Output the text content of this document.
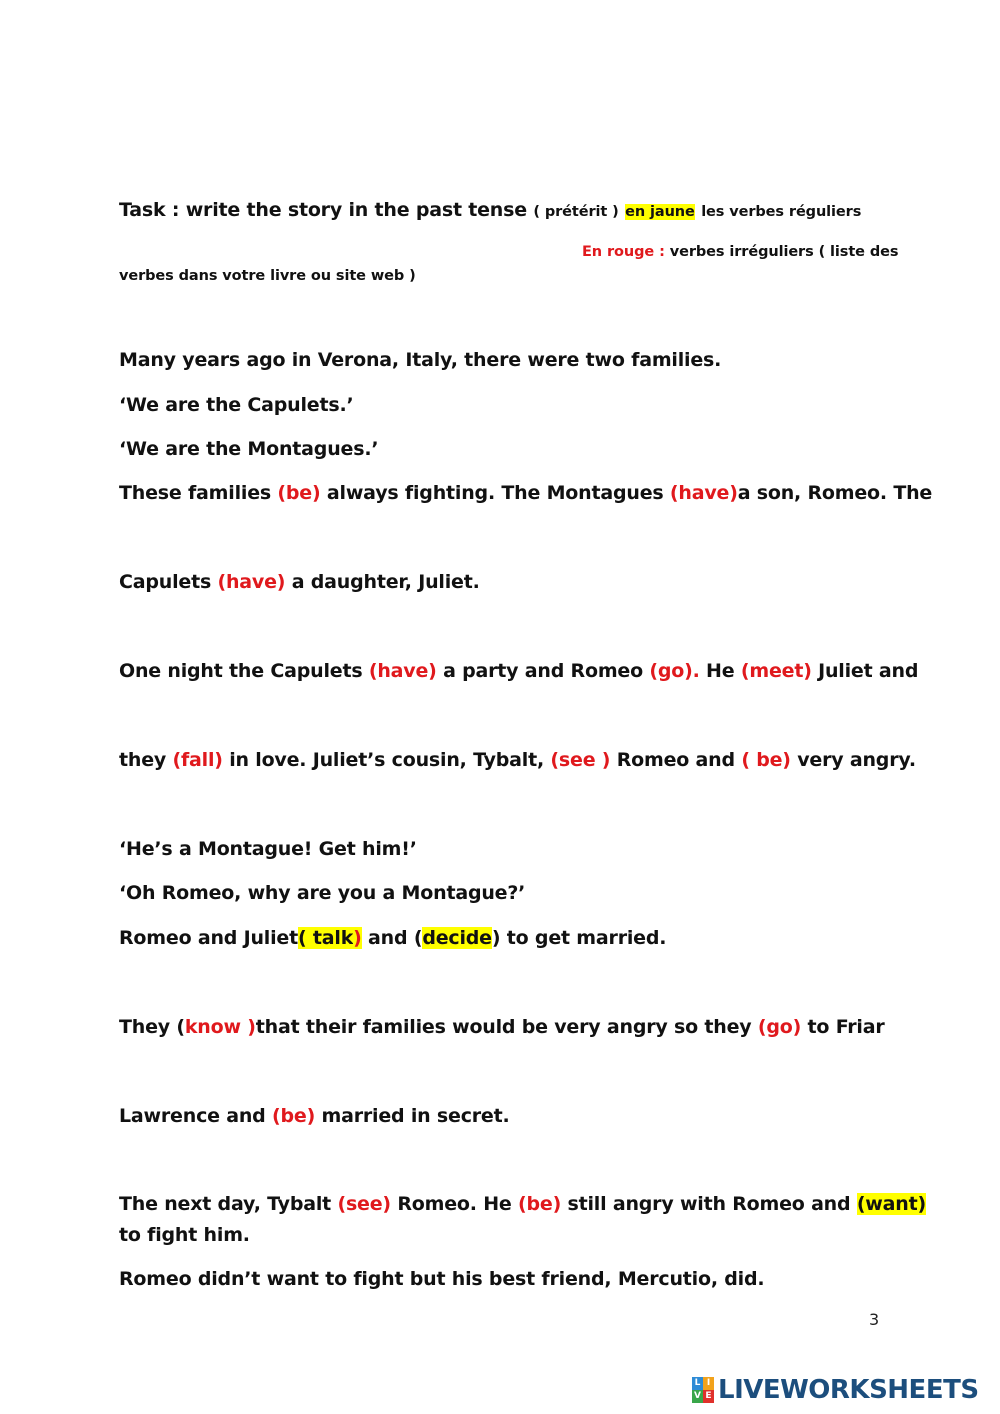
Task : write the story in the past tense ( prétérit ) en jaune les verbes réguliers
En rouge : verbes irréguliers ( liste des
verbes dans votre livre ou site web )
Many years ago in Verona, Italy, there were two families.
‘We are the Capulets.’
‘We are the Montagues.’
These families (be) always fighting. The Montagues (have)a son, Romeo. The
Capulets (have) a daughter, Juliet.
One night the Capulets (have) a party and Romeo (go). He (meet) Juliet and
they (fall) in love. Juliet’s cousin, Tybalt, (see ) Romeo and ( be) very angry.
‘He’s a Montague! Get him!’
‘Oh Romeo, why are you a Montague?’
Romeo and Juliet( talk) and (decide) to get married.
They (know )that their families would be very angry so they (go) to Friar
Lawrence and (be) married in secret.
The next day, Tybalt (see) Romeo. He (be) still angry with Romeo and (want)
to fight him.
Romeo didn’t want to fight but his best friend, Mercutio, did.
3
L I
V E LIVEWORKSHEETS
